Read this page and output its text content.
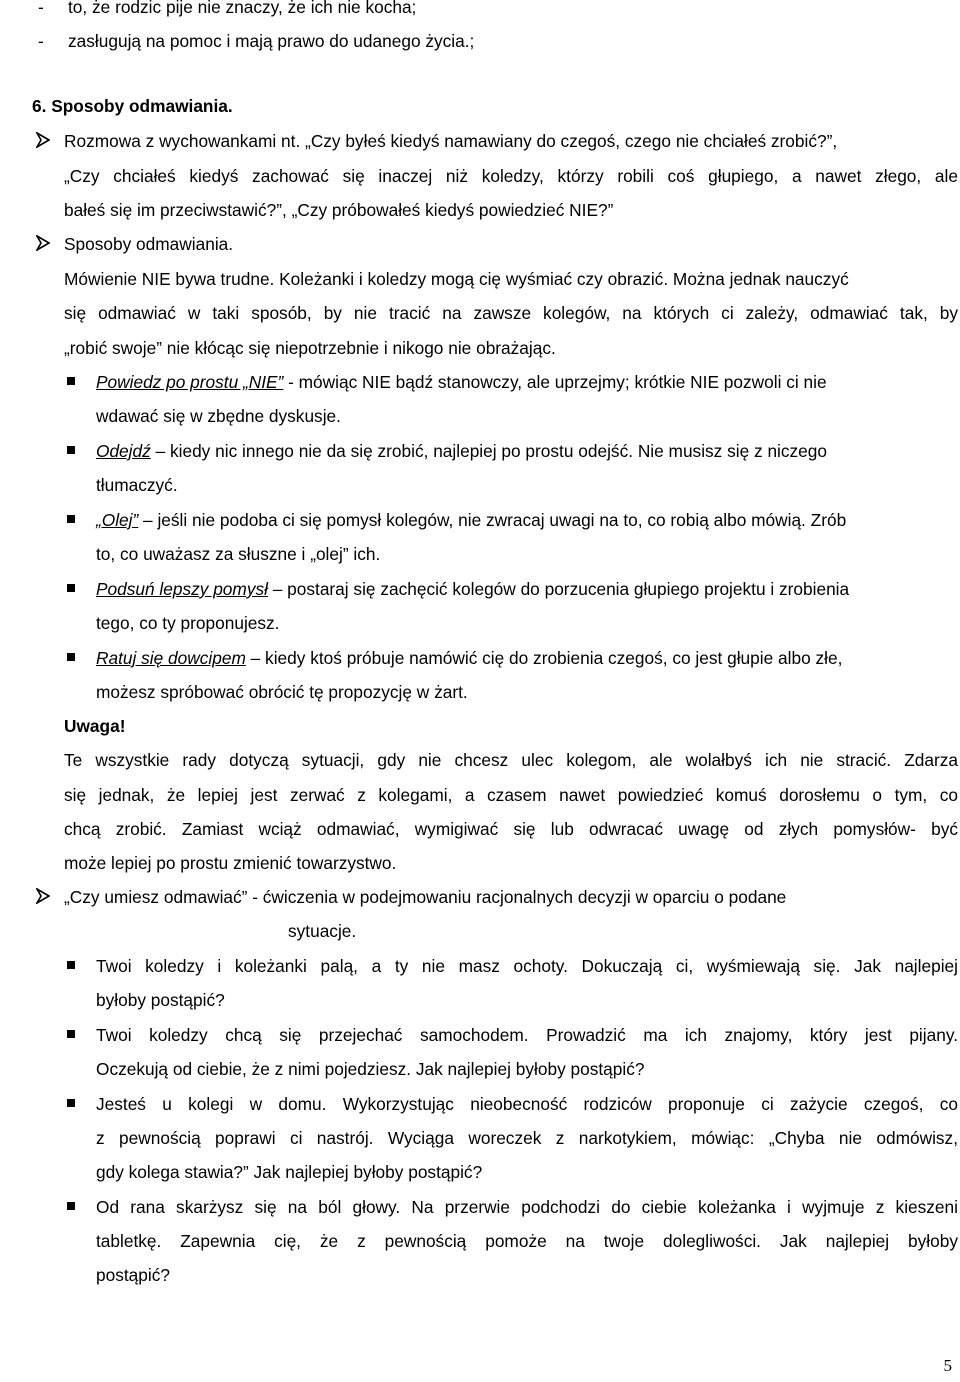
- to, że rodzic pije nie znaczy, że ich nie kocha;
- zasługują na pomoc i mają prawo do udanego życia.;
6. Sposoby odmawiania.
Rozmowa z wychowankami nt. „Czy byłeś kiedyś namawiany do czegoś, czego nie chciałeś zrobić?”,
„Czy chciałeś kiedyś zachować się inaczej niż koledzy, którzy robili coś głupiego, a nawet złego, ale
bałeś się im przeciwstawić?”, „Czy próbowałeś kiedyś powiedzieć NIE?”
Sposoby odmawiania.
Mówienie NIE bywa trudne. Koleżanki i koledzy mogą cię wyśmiać czy obrazić. Można jednak nauczyć
się odmawiać w taki sposób, by nie tracić na zawsze kolegów, na których ci zależy, odmawiać tak, by
„robić swoje” nie kłócąc się niepotrzebnie i nikogo nie obrażając.
Powiedz po prostu „NIE” - mówiąc NIE bądź stanowczy, ale uprzejmy; krótkie NIE pozwoli ci nie
wdawać się w zbędne dyskusje.
Odejdź – kiedy nic innego nie da się zrobić, najlepiej po prostu odejść. Nie musisz się z niczego
tłumaczyć.
„Olej” – jeśli nie podoba ci się pomysł kolegów, nie zwracaj uwagi na to, co robią albo mówią. Zrób
to, co uważasz za słuszne i „olej” ich.
Podsuń lepszy pomysł – postaraj się zachęcić kolegów do porzucenia głupiego projektu i zrobienia
tego, co ty proponujesz.
Ratuj się dowcipem – kiedy ktoś próbuje namówić cię do zrobienia czegoś, co jest głupie albo złe,
możesz spróbować obrócić tę propozycję w żart.
Uwaga!
Te wszystkie rady dotyczą sytuacji, gdy nie chcesz ulec kolegom, ale wolałbyś ich nie stracić. Zdarza
się jednak, że lepiej jest zerwać z kolegami, a czasem nawet powiedzieć komuś dorosłemu o tym, co
chcą zrobić. Zamiast wciąż odmawiać, wymigiwać się lub odwracać uwagę od złych pomysłów- być
może lepiej po prostu zmienić towarzystwo.
„Czy umiesz odmawiać” - ćwiczenia w podejmowaniu racjonalnych decyzji w oparciu o podane
sytuacje.
Twoi koledzy i koleżanki palą, a ty nie masz ochoty. Dokuczają ci, wyśmiewają się. Jak najlepiej
byłoby postąpić?
Twoi koledzy chcą się przejechać samochodem. Prowadzić ma ich znajomy, który jest pijany.
Oczekują od ciebie, że z nimi pojedziesz. Jak najlepiej byłoby postąpić?
Jesteś u kolegi w domu. Wykorzystując nieobecność rodziców proponuje ci zażycie czegoś, co
z pewnością poprawi ci nastrój. Wyciąga woreczek z narkotykiem, mówiąc: „Chyba nie odmówisz,
gdy kolega stawia?” Jak najlepiej byłoby postąpić?
Od rana skarżysz się na ból głowy. Na przerwie podchodzi do ciebie koleżanka i wyjmuje z kieszeni
tabletkę. Zapewnia cię, że z pewnością pomoże na twoje dolegliwości. Jak najlepiej byłoby
postąpić?
5
